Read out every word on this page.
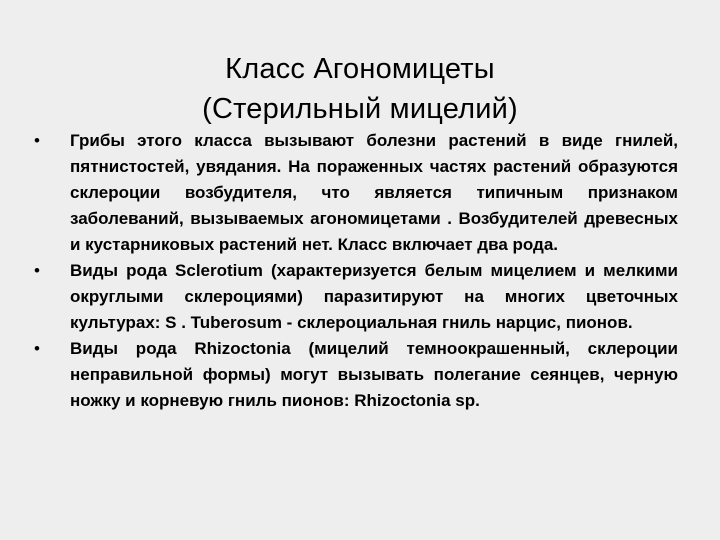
Класс Агономицеты
(Стерильный мицелий)
• Грибы этого класса вызывают болезни растений в виде гнилей, пятнистостей, увядания. На пораженных частях растений образуются склероции возбудителя, что является типичным признаком заболеваний, вызываемых агономицетами . Возбудителей древесных и кустарниковых растений нет. Класс включает два рода.
• Виды рода Sclerotium (характеризуется белым мицелием и мелкими округлыми склероциями) паразитируют на многих цветочных культурах: S . Tuberosum - склероциальная гниль нарцис, пионов.
• Виды рода Rhizoctonia (мицелий темноокрашенный, склероции неправильной формы) могут вызывать полегание сеянцев, черную ножку и корневую гниль пионов: Rhizoctonia sp.
